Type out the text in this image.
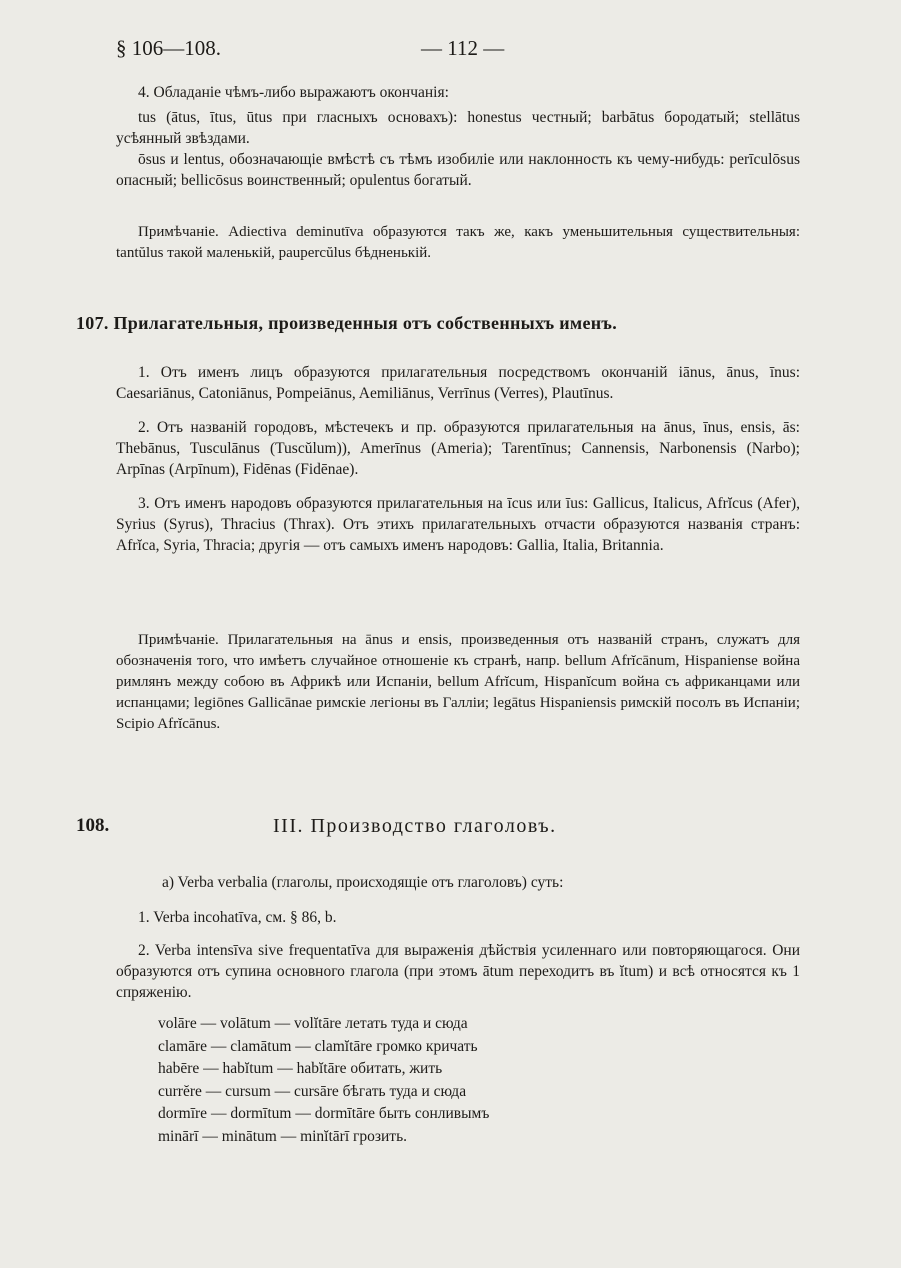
§ 106—108.	— 112 —

4. Обладаніе чѣмъ-либо выражаютъ окончанія:

tus (ātus, ītus, ūtus при гласныхъ основахъ): honestus честный; barbātus бородатый; stellātus усѣянный звѣздами.

ōsus и lentus, обозначающіе вмѣстѣ съ тѣмъ изобиліе или наклонность къ чему-нибудь: perīculōsus опасный; bellicōsus воинственный; opulentus богатый.

Примѣчаніе. Adiectiva deminutīva образуются такъ же, какъ уменьшительныя существительныя: tantŭlus такой маленькій, paupercŭlus бѣдненькій.

107. Прилагательныя, произведенныя отъ собственныхъ именъ.

1. Отъ именъ лицъ образуются прилагательныя посредствомъ окончаній iānus, ānus, īnus: Caesariānus, Catoniānus, Pompeiānus, Aemiliānus, Verrīnus (Verres), Plautīnus.

2. Отъ названій городовъ, мѣстечекъ и пр. образуются прилагательныя на ānus, īnus, ensis, ās: Thebānus, Tusculānus (Tuscŭlum)), Amerīnus (Ameria); Tarentīnus; Cannensis, Narbonensis (Narbo); Arpīnas (Arpīnum), Fidēnas (Fidēnae).

3. Отъ именъ народовъ образуются прилагательныя на īcus или īus: Gallicus, Italicus, Afrĭcus (Afer), Syrius (Syrus), Thracius (Thrax). Отъ этихъ прилагательныхъ отчасти образуются названія странъ: Afrĭca, Syria, Thracia; другія — отъ самыхъ именъ народовъ: Gallia, Italia, Britannia.

Примѣчаніе. Прилагательныя на ānus и ensis, произведенныя отъ названій странъ, служатъ для обозначенія того, что имѣетъ случайное отношеніе къ странѣ, напр. bellum Afrĭcānum, Hispaniense война римлянъ между собою въ Африкѣ или Испаніи, bellum Afrĭcum, Hispanĭcum война съ африканцами или испанцами; legiōnes Gallicānae римскіе легіоны въ Галліи; legātus Hispaniensis римскій посолъ въ Испаніи; Scipio Afrĭcānus.

108.	III. Производство глаголовъ.

a) Verba verbalia (глаголы, происходящіе отъ глаголовъ) суть:

1. Verba incohatīva, см. § 86, b.

2. Verba intensīva sive frequentatīva для выраженія дѣйствія усиленнаго или повторяющагося. Они образуются отъ супина основного глагола (при этомъ ātum переходитъ въ ĭtum) и всѣ относятся къ 1 спряженію.

volāre — volātum — volĭtāre летать туда и сюда
clamāre — clamātum — clamĭtāre громко кричать
habēre — habĭtum — habĭtāre обитать, жить
currĕre — cursum — cursāre бѣгать туда и сюда
dormīre — dormītum — dormītāre быть сонливымъ
minārī — minātum — minĭtārī грозить.
